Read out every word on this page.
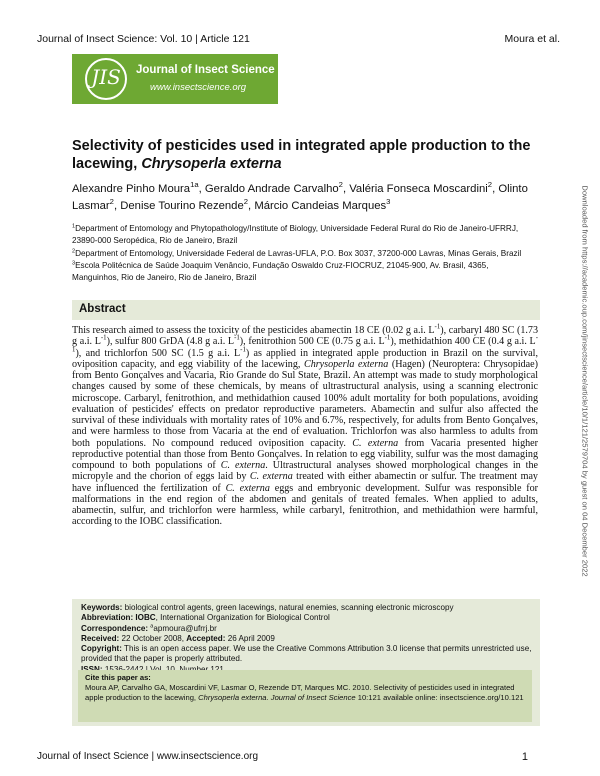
Journal of Insect Science: Vol. 10 | Article 121	Moura et al.
JIS	Journal of Insect Science
www.insectscience.org
Selectivity of pesticides used in integrated apple production to the lacewing, Chrysoperla externa
Alexandre Pinho Moura$^{1a}$, Geraldo Andrade Carvalho$^2$, Valéria Fonseca Moscardini$^2$, Olinto Lasmar$^2$, Denise Tourino Rezende$^2$, Márcio Candeias Marques$^3$

$^1$Department of Entomology and Phytopathology/Institute of Biology, Universidade Federal Rural do Rio de Janeiro-UFRRJ, 23890-000 Seropédica, Rio de Janeiro, Brazil

$^2$Department of Entomology, Universidade Federal de Lavras-UFLA, P.O. Box 3037, 37200-000 Lavras, Minas Gerais, Brazil

$^3$Escola Politécnica de Saúde Joaquim Venâncio, Fundação Oswaldo Cruz-FIOCRUZ, 21045-900, Av. Brasil, 4365, Manguinhos, Rio de Janeiro, Rio de Janeiro, Brazil

Abstract

This research aimed to assess the toxicity of the pesticides abamectin 18 CE (0.02 g a.i. $L^{-1}$), carbaryl 480 SC (1.73 g a.i. $L^{-1}$), sulfur 800 GrDA (4.8 g a.i. $L^{-1}$), fenitrothion 500 CE (0.75 g a.i. $L^{-1}$), methidathion 400 CE (0.4 g a.i. $L^{-1}$), and trichlorfon 500 SC (1.5 g a.i. $L^{-1}$) as applied in integrated apple production in Brazil on the survival, oviposition capacity, and egg viability of the lacewing, Chrysoperla externa (Hagen) (Neuroptera: Chrysopidae) from Bento Gonçalves and Vacaria, Rio Grande do Sul State, Brazil. An attempt was made to study morphological changes caused by some of these chemicals, by means of ultrastructural analysis, using a scanning electronic microscope. Carbaryl, fenitrothion, and methidathion caused 100% adult mortality for both populations, avoiding evaluation of pesticides' effects on predator reproductive parameters. Abamectin and sulfur also affected the survival of these individuals with mortality rates of 10% and 6.7%, respectively, for adults from Bento Gonçalves, and were harmless to those from Vacaria at the end of evaluation. Trichlorfon was also harmless to adults from both populations. No compound reduced oviposition capacity. C. externa from Vacaria presented higher reproductive potential than those from Bento Gonçalves. In relation to egg viability, sulfur was the most damaging compound to both populations of C. externa. Ultrastructural analyses showed morphological changes in the micropyle and the chorion of eggs laid by C. externa treated with either abamectin or sulfur. The treatment may have influenced the fertilization of C. externa eggs and embryonic development. Sulfur was responsible for malformations in the end region of the abdomen and genitals of treated females. When applied to adults, abamectin, sulfur, and trichlorfon were harmless, while carbaryl, fenitrothion, and methidathion were harmful, according to the IOBC classification.

Keywords: biological control agents, green lacewings, natural enemies, scanning electronic microscopy

Abbreviation: IOBC, International Organization for Biological Control

Correspondence: $^a$apmoura@ufrrj.br

Received: 22 October 2008, Accepted: 26 April 2009

Copyright: This is an open access paper. We use the Creative Commons Attribution 3.0 license that permits unrestricted use, provided that the paper is properly attributed.

Cite this paper as:

Moura AP, Carvalho GA, Moscardini VF, Lasmar O, Rezende DT, Marques MC. 2010. Selectivity of pesticides used in integrated apple production to the lacewing, Chrysoperla externa. Journal of Insect Science 10:121 available online: insectscience.org/10.121

Journal of Insect Science | www.insectscience.org	1
Downloaded from https://academic.oup.com/jinsectscience/article/10/1/121/2579704 by guest on 04 December 2022
